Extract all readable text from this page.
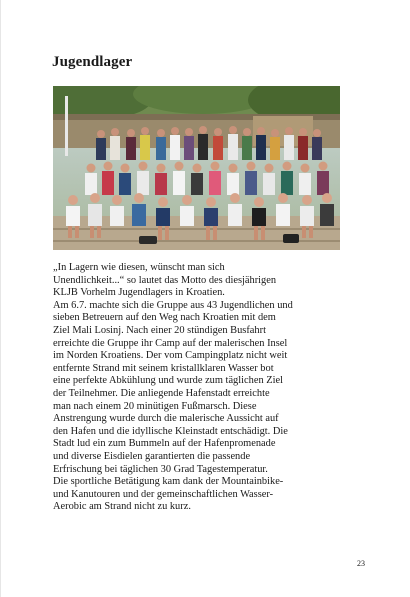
Jugendlager
„In Lagern wie diesen, wünscht man sich
Unendlichkeit...“ so lautet das Motto des diesjährigen
KLJB Vorhelm Jugendlagers in Kroatien.
Am 6.7. machte sich die Gruppe aus 43 Jugendlichen und
sieben Betreuern auf den Weg nach Kroatien mit dem
Ziel Mali Losinj. Nach einer 20 stündigen Busfahrt
erreichte die Gruppe ihr Camp auf der malerischen Insel
im Norden Kroatiens. Der vom Campingplatz nicht weit
entfernte Strand mit seinem kristallklaren Wasser bot
eine perfekte Abkühlung und wurde zum täglichen Ziel
der Teilnehmer. Die anliegende Hafenstadt erreichte
man nach einem 20 minütigen Fußmarsch. Diese
Anstrengung wurde durch die malerische Aussicht auf
den Hafen und die idyllische Kleinstadt entschädigt. Die
Stadt lud ein zum Bummeln auf der Hafenpromenade
und diverse Eisdielen garantierten die passende
Erfrischung bei täglichen 30 Grad Tagestemperatur.
Die sportliche Betätigung kam dank der Mountainbike-
und Kanutouren und der gemeinschaftlichen Wasser-
Aerobic am Strand nicht zu kurz.
23
